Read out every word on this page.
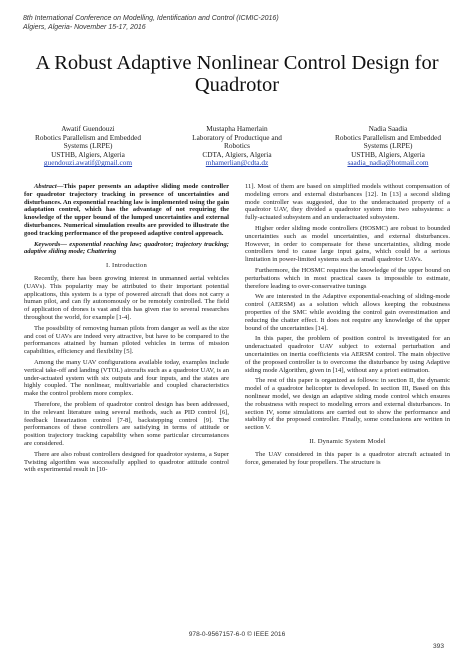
8th International Conference on Modelling, Identification and Control (ICMIC-2016)
Algiers, Algeria- November 15-17, 2016
A Robust Adaptive Nonlinear Control Design for
Quadrotor
Awatif Guendouzi
Robotics Parallelism and Embedded
Systems (LRPE)
USTHB, Algiers, Algeria
guendouzi.awatif@gmail.com
Mustapha Hamerlain
Laboratory of Productique and
Robotics
CDTA, Algiers, Algeria
mhamerlian@cdta.dz
Nadia Saadia
Robotics Parallelism and Embedded
Systems (LRPE)
USTHB, Algiers, Algeria
saadia_nadia@hotmail.com

Abstract—This paper presents an adaptive sliding mode controller for quadrotor trajectory tracking in presence of uncertainties and disturbances. An exponential reaching law is implemented using the gain adaptation control, which has the advantage of not requiring the knowledge of the upper bound of the lumped uncertainties and external disturbances. Numerical simulation results are provided to illustrate the good tracking performance of the proposed adaptive control approach.

Keywords— exponential reaching law; quadrotor; trajectory tracking; adaptive sliding mode; Chattering

I. Introduction

Recently, there has been growing interest in unmanned aerial vehicles (UAVs). This popularity may be attributed to their important potential applications, this system is a type of powered aircraft that does not carry a human pilot, and can fly autonomously or be remotely controlled. The field of application of drones is vast and this has given rise to several researches throughout the world, for example [1-4].

The possibility of removing human pilots from danger as well as the size and cost of UAVs are indeed very attractive, but have to be compared to the performances attained by human piloted vehicles in terms of mission capabilities, efficiency and flexibility [5].

Among the many UAV configurations available today, examples include vertical take-off and landing (VTOL) aircrafts such as a quadrotor UAV, is an under-actuated system with six outputs and four inputs, and the states are highly coupled. The nonlinear, multivariable and coupled characteristics make the control problem more complex.

Therefore, the problem of quadrotor control design has been addressed, in the relevant literature using several methods, such as PID control [6], feedback linearization control [7-8], backstepping control [9]. The performances of these controllers are satisfying in terms of attitude or position trajectory tracking capability when some particular circumstances are considered.

There are also robust controllers designed for quadrotor systems, a Super Twisting algorithm was successfully applied to quadrotor attitude control with experimental result in [10-

11]. Most of them are based on simplified models without compensation of modeling errors and external disturbances [12]. In [13] a second sliding mode controller was suggested, due to the underactuated property of a quadrotor UAV, they divided a quadrotor system into two subsystems: a fully-actuated subsystem and an underactuated subsystem.

Higher order sliding mode controllers (HOSMC) are robust to bounded uncertainties such as model uncertainties, and external disturbances. However, in order to compensate for these uncertainties, sliding mode controllers tend to cause large input gains, which could be a serious limitation in power-limited systems such as small quadrotor UAVs.

Furthermore, the HOSMC requires the knowledge of the upper bound on perturbations which in most practical cases is impossible to estimate, therefore leading to over-conservative tunings

We are interested in the Adaptive exponential-reaching of sliding-mode control (AERSM) as a solution which allows keeping the robustness properties of the SMC while avoiding the control gain overestimation and reducing the chatter effect. It does not require any knowledge of the upper bound of the uncertainties [14].

In this paper, the problem of position control is investigated for an underactuated quadrotor UAV subject to external perturbation and uncertainties on inertia coefficients via AERSM control. The main objective of the proposed controller is to overcome the disturbance by using Adaptive siding mode Algorithm, given in [14], without any a priori estimation.

The rest of this paper is organized as follows: in section II, the dynamic model of a quadrotor helicopter is developed. In section III, Based on this nonlinear model, we design an adaptive siding mode control which ensures the robustness with respect to modeling errors and external disturbances. In section IV, some simulations are carried out to show the performance and stability of the proposed controller. Finally, some conclusions are written in section V.

II. Dynamic System Model

The UAV considered in this paper is a quadrotor aircraft actuated in force, generated by four propellers. The structure is

978-0-9567157-6-0 © IEEE 2016
393
